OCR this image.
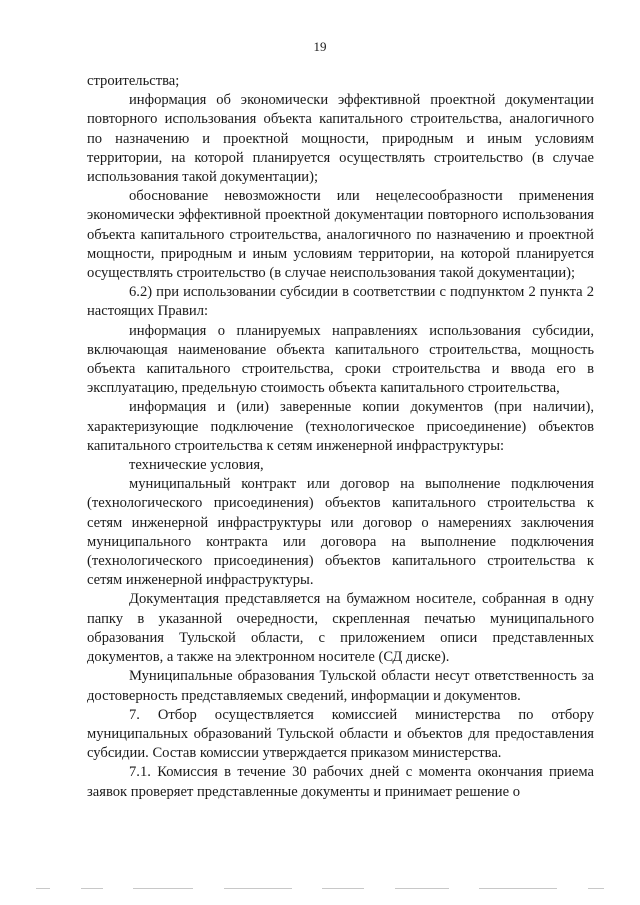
19

строительства;

информация об экономически эффективной проектной документации повторного использования объекта капитального строительства, аналогичного по назначению и проектной мощности, природным и иным условиям территории, на которой планируется осуществлять строительство (в случае использования такой документации);

обоснование невозможности или нецелесообразности применения экономически эффективной проектной документации повторного использования объекта капитального строительства, аналогичного по назначению и проектной мощности, природным и иным условиям территории, на которой планируется осуществлять строительство (в случае неиспользования такой документации);

6.2) при использовании субсидии в соответствии с подпунктом 2 пункта 2 настоящих Правил:

информация о планируемых направлениях использования субсидии, включающая наименование объекта капитального строительства, мощность объекта капитального строительства, сроки строительства и ввода его в эксплуатацию, предельную стоимость объекта капитального строительства,

информация и (или) заверенные копии документов (при наличии), характеризующие подключение (технологическое присоединение) объектов капитального строительства к сетям инженерной инфраструктуры:

технические условия,

муниципальный контракт или договор на выполнение подключения (технологического присоединения) объектов капитального строительства к сетям инженерной инфраструктуры или договор о намерениях заключения муниципального контракта или договора на выполнение подключения (технологического присоединения) объектов капитального строительства к сетям инженерной инфраструктуры.

Документация представляется на бумажном носителе, собранная в одну папку в указанной очередности, скрепленная печатью муниципального образования Тульской области, с приложением описи представленных документов, а также на электронном носителе (СД диске).

Муниципальные образования Тульской области несут ответственность за достоверность представляемых сведений, информации и документов.

7. Отбор осуществляется комиссией министерства по отбору муниципальных образований Тульской области и объектов для предоставления субсидии. Состав комиссии утверждается приказом министерства.

7.1. Комиссия в течение 30 рабочих дней с момента окончания приема заявок проверяет представленные документы и принимает решение о
